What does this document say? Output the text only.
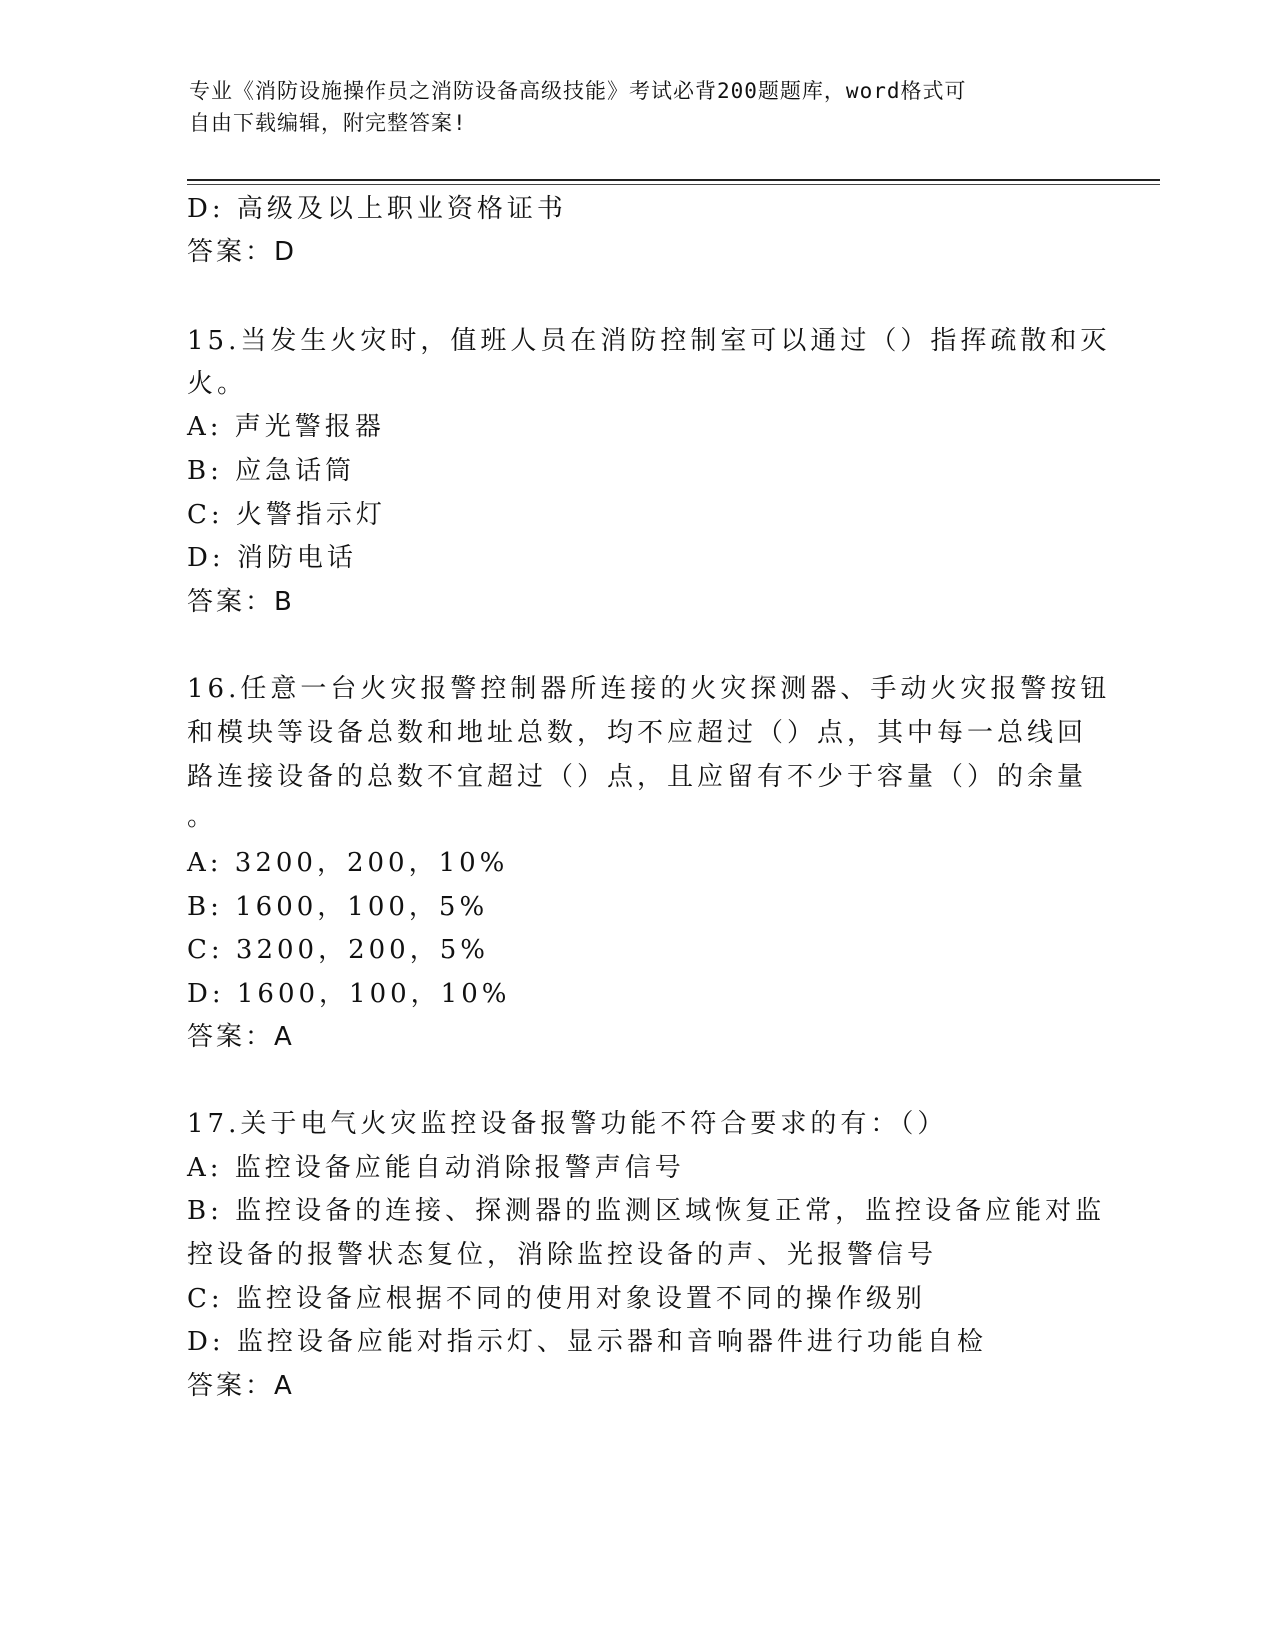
专业《消防设施操作员之消防设备高级技能》考试必背200题题库，word格式可
自由下载编辑，附完整答案!
D: 高级及以上职业资格证书
答案：D
15.当发生火灾时，值班人员在消防控制室可以通过（）指挥疏散和灭
火。
A: 声光警报器
B: 应急话筒
C: 火警指示灯
D: 消防电话
答案：B
16.任意一台火灾报警控制器所连接的火灾探测器、手动火灾报警按钮
和模块等设备总数和地址总数，均不应超过（）点，其中每一总线回
路连接设备的总数不宜超过（）点，且应留有不少于容量（）的余量
。
A: 3200，200，10%
B: 1600，100，5%
C: 3200，200，5%
D: 1600，100，10%
答案：A
17.关于电气火灾监控设备报警功能不符合要求的有：（）
A: 监控设备应能自动消除报警声信号
B: 监控设备的连接、探测器的监测区域恢复正常，监控设备应能对监
控设备的报警状态复位，消除监控设备的声、光报警信号
C: 监控设备应根据不同的使用对象设置不同的操作级别
D: 监控设备应能对指示灯、显示器和音响器件进行功能自检
答案：A
